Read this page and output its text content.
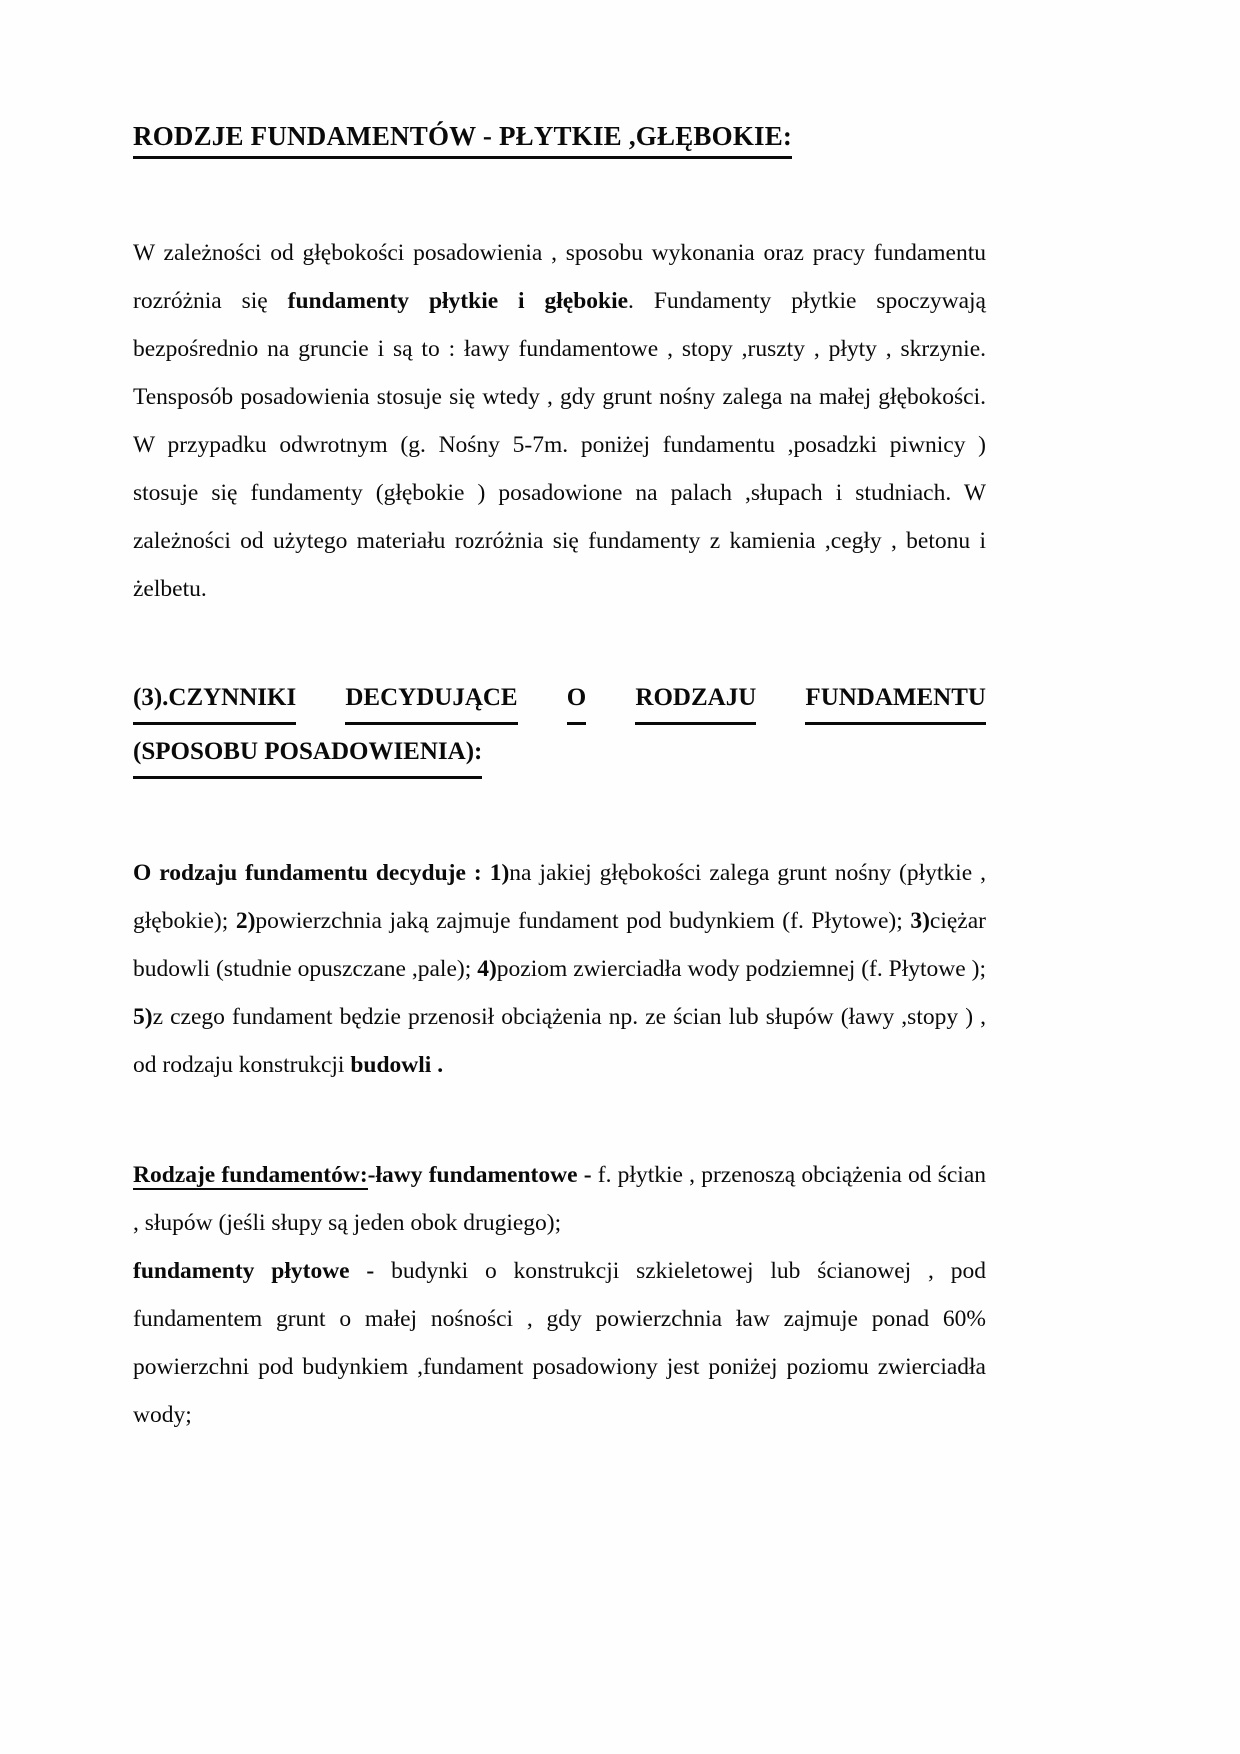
RODZJE FUNDAMENTÓW - PŁYTKIE ,GŁĘBOKIE:

W zależności od głębokości posadowienia , sposobu wykonania oraz pracy fundamentu rozróżnia się fundamenty płytkie i głębokie. Fundamenty płytkie spoczywają bezpośrednio na gruncie i są to : ławy fundamentowe , stopy ,ruszty , płyty , skrzynie. Tensposób posadowienia stosuje się wtedy , gdy grunt nośny zalega na małej głębokości. W przypadku odwrotnym (g. Nośny 5-7m. poniżej fundamentu ,posadzki piwnicy ) stosuje się fundamenty (głębokie ) posadowione na palach ,słupach i studniach. W zależności od użytego materiału rozróżnia się fundamenty z kamienia ,cegły , betonu i żelbetu.

(3).CZYNNIKI DECYDUJĄCE O RODZAJU FUNDAMENTU
(SPOSOBU POSADOWIENIA):

O rodzaju fundamentu decyduje : 1)na jakiej głębokości zalega grunt nośny (płytkie , głębokie); 2)powierzchnia jaką zajmuje fundament pod budynkiem (f. Płytowe); 3)ciężar budowli (studnie opuszczane ,pale); 4)poziom zwierciadła wody podziemnej (f. Płytowe ); 5)z czego fundament będzie przenosił obciążenia np. ze ścian lub słupów (ławy ,stopy ) , od rodzaju konstrukcji budowli .

Rodzaje fundamentów:-ławy fundamentowe - f. płytkie , przenoszą obciążenia od ścian , słupów (jeśli słupy są jeden obok drugiego);

fundamenty płytowe - budynki o konstrukcji szkieletowej lub ścianowej , pod fundamentem grunt o małej nośności , gdy powierzchnia ław zajmuje ponad 60% powierzchni pod budynkiem ,fundament posadowiony jest poniżej poziomu zwierciadła wody;
